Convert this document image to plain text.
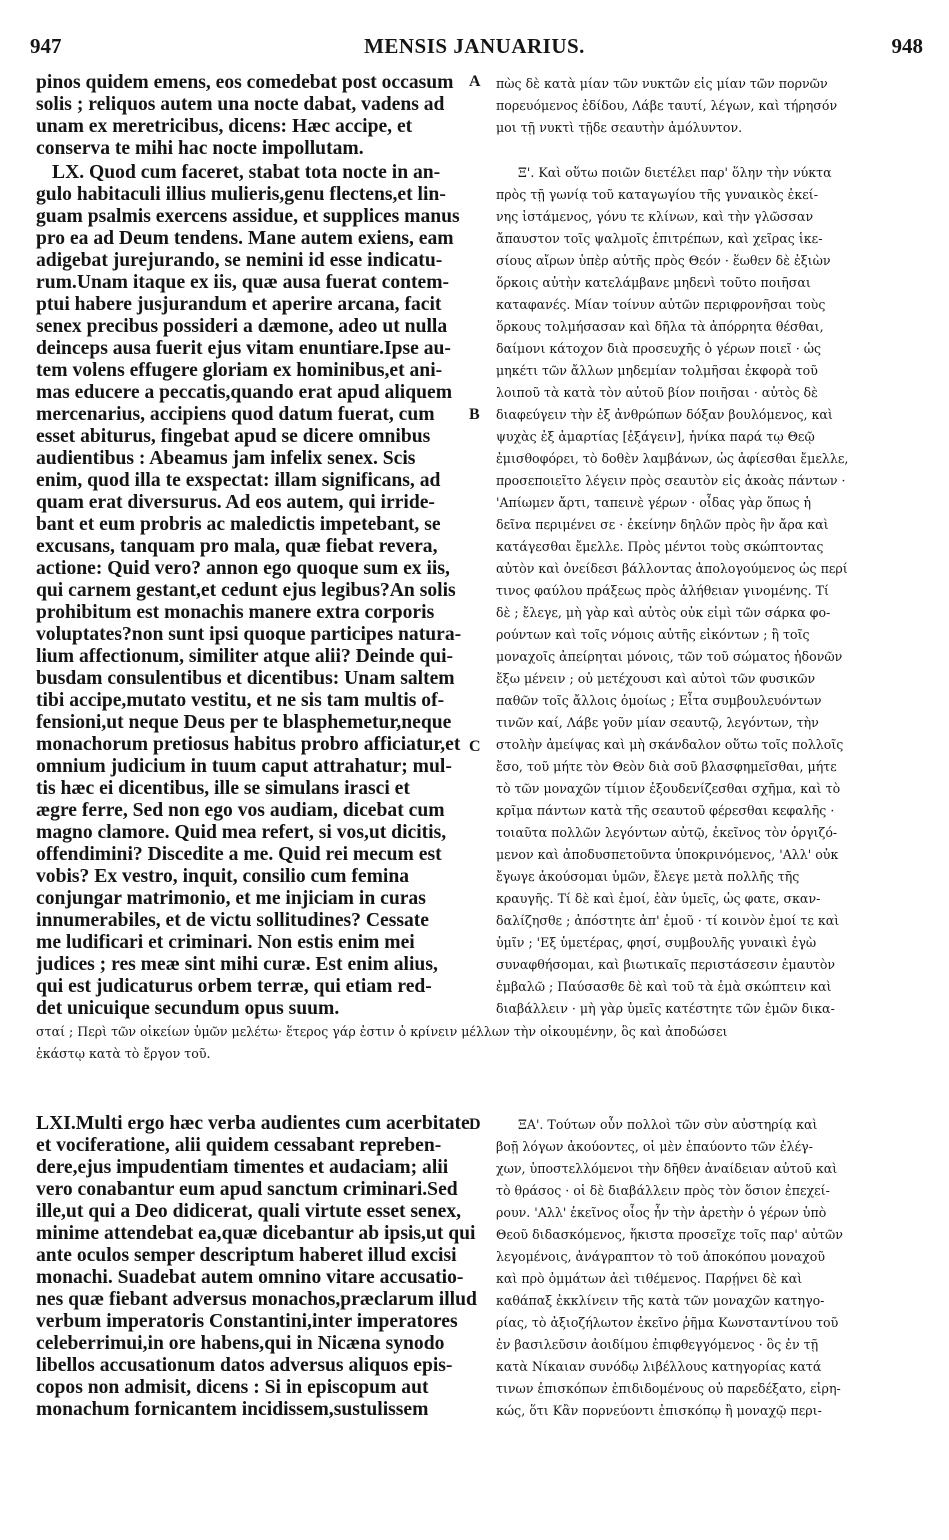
947	MENSIS JANUARIUS.	948
pinos quidem emens, eos comedebat post occasum
solis ; reliquos autem una nocte dabat, vadens ad
unam ex meretricibus, dicens: Hæc accipe, et
conserva te mihi hac nocte impollutam.
LX. Quod cum faceret, stabat tota nocte in an-
gulo habitaculi illius mulieris,genu flectens,et lin-
guam psalmis exercens assidue, et supplices manus
pro ea ad Deum tendens. Mane autem exiens, eam
adigebat jurejurando, se nemini id esse indicatu-
rum.Unam itaque ex iis, quæ ausa fuerat contem-
ptui habere jusjurandum et aperire arcana, facit
senex precibus possideri a dæmone, adeo ut nulla
deinceps ausa fuerit ejus vitam enuntiare.Ipse au-
tem volens effugere gloriam ex hominibus,et ani-
mas educere a peccatis,quando erat apud aliquem
mercenarius, accipiens quod datum fuerat, cum
esset abiturus, fingebat apud se dicere omnibus
audientibus : Abeamus jam infelix senex. Scis
enim, quod illa te exspectat: illam significans, ad
quam erat diversurus. Ad eos autem, qui irride-
bant et eum probris ac maledictis impetebant, se
excusans, tanquam pro mala, quæ fiebat revera,
actione: Quid vero? annon ego quoque sum ex iis,
qui carnem gestant,et cedunt ejus legibus?An solis
prohibitum est monachis manere extra corporis
voluptates?non sunt ipsi quoque participes natura-
lium affectionum, similiter atque alii? Deinde qui-
busdam consulentibus et dicentibus: Unam saltem
tibi accipe,mutato vestitu, et ne sis tam multis of-
fensioni,ut neque Deus per te blasphemetur,neque
monachorum pretiosus habitus probro afficiatur,et
omnium judicium in tuum caput attrahatur; mul-
tis hæc ei dicentibus, ille se simulans irasci et
ægre ferre, Sed non ego vos audiam, dicebat cum
magno clamore. Quid mea refert, si vos,ut dicitis,
offendimini? Discedite a me. Quid rei mecum est
vobis? Ex vestro, inquit, consilio cum femina
conjungar matrimonio, et me injiciam in curas
innumerabiles, et de victu sollitudines? Cessate
me ludificari et criminari. Non estis enim mei
judices ; res meæ sint mihi curæ. Est enim alius,
qui est judicaturus orbem terræ, qui etiam red-
det unicuique secundum opus suum.
πὼς δὲ κατὰ μίαν τῶν νυκτῶν εἰς μίαν τῶν πορνῶν
πορευόμενος ἐδίδου, Λάβε ταυτί, λέγων, καὶ τήρησόν
μοι τῇ νυκτὶ τῇδε σεαυτὴν ἀμόλυντον.
Ξ'. Καὶ οὕτω ποιῶν διετέλει παρ' ὅλην τὴν νύκτα
πρὸς τῇ γωνίᾳ τοῦ καταγωγίου τῆς γυναικὸς ἐκεί-
νης ἱστάμενος, γόνυ τε κλίνων, καὶ τὴν γλῶσσαν
ἄπαυστον τοῖς ψαλμοῖς ἐπιτρέπων, καὶ χεῖρας ἱκε-
σίους αἴρων ὑπὲρ αὐτῆς πρὸς Θεόν · ἕωθεν δὲ ἐξιὼν
ὅρκοις αὐτὴν κατελάμβανε μηδενὶ τοῦτο ποιῆσαι
καταφανές. Μίαν τοίνυν αὐτῶν περιφρονῆσαι τοὺς
ὅρκους τολμήσασαν καὶ δῆλα τὰ ἀπόρρητα θέσθαι,
δαίμονι κάτοχον διὰ προσευχῆς ὁ γέρων ποιεῖ · ὡς
μηκέτι τῶν ἄλλων μηδεμίαν τολμῆσαι ἐκφορὰ τοῦ
λοιποῦ τὰ κατὰ τὸν αὐτοῦ βίον ποιῆσαι · αὐτὸς δὲ
διαφεύγειν τὴν ἐξ ἀνθρώπων δόξαν βουλόμενος, καὶ
ψυχὰς ἐξ ἁμαρτίας [ἐξάγειν], ἡνίκα παρά τῳ Θεῷ
ἐμισθοφόρει, τὸ δοθὲν λαμβάνων, ὡς ἀφίεσθαι ἔμελλε,
προσεποιεῖτο λέγειν πρὸς σεαυτὸν εἰς ἀκοὰς πάντων ·
'Απίωμεν ἄρτι, ταπεινὲ γέρων · οἶδας γὰρ ὅπως ἡ
δεῖνα περιμένει σε · ἐκείνην δηλῶν πρὸς ἣν ἄρα καὶ
κατάγεσθαι ἔμελλε. Πρὸς μέντοι τοὺς σκώπτοντας
αὐτὸν καὶ ὀνείδεσι βάλλοντας ἀπολογούμενος ὡς περί
τινος φαύλου πράξεως πρὸς ἀλήθειαν γινομένης. Τί
δὲ ; ἔλεγε, μὴ γὰρ καὶ αὐτὸς οὐκ εἰμὶ τῶν σάρκα φο-
ρούντων καὶ τοῖς νόμοις αὐτῆς εἰκόντων ; ἢ τοῖς
μοναχοῖς ἀπείρηται μόνοις, τῶν τοῦ σώματος ἡδονῶν
ἔξω μένειν ; οὐ μετέχουσι καὶ αὐτοὶ τῶν φυσικῶν
παθῶν τοῖς ἄλλοις ὁμοίως ; Εἶτα συμβουλευόντων
τινῶν καί, Λάβε γοῦν μίαν σεαυτῷ, λεγόντων, τὴν
στολὴν ἀμείψας καὶ μὴ σκάνδαλον οὕτω τοῖς πολλοῖς
ἔσο, τοῦ μήτε τὸν Θεὸν διὰ σοῦ βλασφημεῖσθαι, μήτε
τὸ τῶν μοναχῶν τίμιον ἐξουδενίζεσθαι σχῆμα, καὶ τὸ
κρῖμα πάντων κατὰ τῆς σεαυτοῦ φέρεσθαι κεφαλῆς ·
τοιαῦτα πολλῶν λεγόντων αὐτῷ, ἐκεῖνος τὸν ὀργιζό-
μενον καὶ ἀποδυσπετοῦντα ὑποκρινόμενος, 'Αλλ' οὐκ
ἔγωγε ἀκούσομαι ὑμῶν, ἔλεγε μετὰ πολλῆς τῆς
κραυγῆς. Τί δὲ καὶ ἐμοί, ἐὰν ὑμεῖς, ὡς φατε, σκαν-
δαλίζησθε ; ἀπόστητε ἀπ' ἐμοῦ · τί κοινὸν ἐμοί τε καὶ
ὑμῖν ; 'Εξ ὑμετέρας, φησί, συμβουλῆς γυναικὶ ἐγὼ
συναφθήσομαι, καὶ βιωτικαῖς περιστάσεσιν ἐμαυτὸν
ἐμβαλῶ ; Παύσασθε δὲ καὶ τοῦ τὰ ἐμὰ σκώπτειν καὶ
διαβάλλειν · μὴ γὰρ ὑμεῖς κατέστητε τῶν ἐμῶν δικα-
A
B
C
D
σταί ; Περὶ τῶν οἰκείων ὑμῶν μελέτω· ἕτερος γάρ ἐστιν ὁ κρίνειν μέλλων τὴν οἰκουμένην, ὃς καὶ ἀποδώσει
ἑκάστῳ κατὰ τὸ ἔργον τοῦ.
LXI.Multi ergo hæc verba audientes cum acerbitate
et vociferatione, alii quidem cessabant repreben-
dere,ejus impudentiam timentes et audaciam; alii
vero conabantur eum apud sanctum criminari.Sed
ille,ut qui a Deo didicerat, quali virtute esset senex,
minime attendebat ea,quæ dicebantur ab ipsis,ut qui
ante oculos semper descriptum haberet illud excisi
monachi. Suadebat autem omnino vitare accusatio-
nes quæ fiebant adversus monachos,præclarum illud
verbum imperatoris Constantini,inter imperatores
celeberrimui,in ore habens,qui in Nicæna synodo
libellos accusationum datos adversus aliquos epis-
copos non admisit, dicens : Si in episcopum aut
monachum fornicantem incidissem,sustulissem
ΞΑ'. Τούτων οὖν πολλοὶ τῶν σὺν αὐστηρίᾳ καὶ
βοῇ λόγων ἀκούοντες, οἱ μὲν ἐπαύοντο τῶν ἐλέγ-
χων, ὑποστελλόμενοι τὴν δῆθεν ἀναίδειαν αὐτοῦ καὶ
τὸ θράσος · οἱ δὲ διαβάλλειν πρὸς τὸν ὅσιον ἐπεχεί-
ρουν. 'Αλλ' ἐκεῖνος οἷος ἦν τὴν ἀρετὴν ὁ γέρων ὑπὸ
Θεοῦ διδασκόμενος, ἥκιστα προσεῖχε τοῖς παρ' αὐτῶν
λεγομένοις, ἀνάγραπτον τὸ τοῦ ἀποκόπου μοναχοῦ
καὶ πρὸ ὀμμάτων ἀεὶ τιθέμενος. Παρῄνει δὲ καὶ
καθάπαξ ἐκκλίνειν τῆς κατὰ τῶν μοναχῶν κατηγο-
ρίας, τὸ ἀξιοζήλωτον ἐκεῖνο ῥῆμα Κωνσταντίνου τοῦ
ἐν βασιλεῦσιν ἀοιδίμου ἐπιφθεγγόμενος · ὃς ἐν τῇ
κατὰ Νίκαιαν συνόδῳ λιβέλλους κατηγορίας κατά
τινων ἐπισκόπων ἐπιδιδομένους οὐ παρεδέξατο, εἰρη-
κώς, ὅτι Κἂν πορνεύοντι ἐπισκόπῳ ἢ μοναχῷ περι-
